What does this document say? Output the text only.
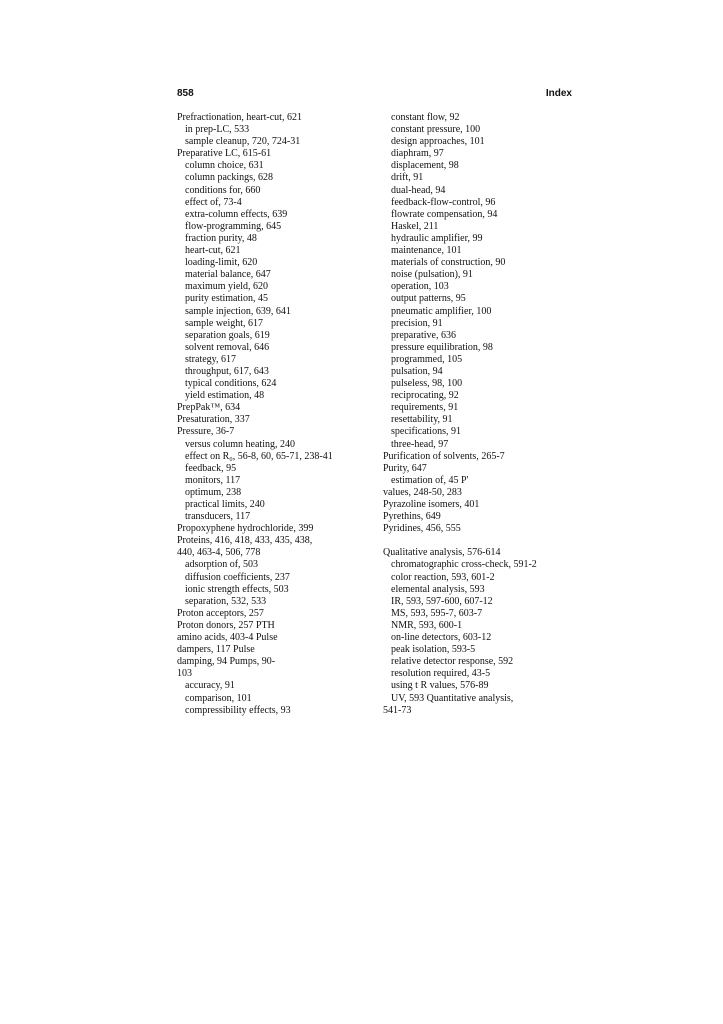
858	Index
Prefractionation, heart-cut, 621
in prep-LC, 533
sample cleanup, 720, 724-31
Preparative LC, 615-61
column choice, 631
column packings, 628
conditions for, 660
effect of, 73-4
extra-column effects, 639
flow-programming, 645
fraction purity, 48
heart-cut, 621
loading-limit, 620
material balance, 647
maximum yield, 620
purity estimation, 45
sample injection, 639, 641
sample weight, 617
separation goals, 619
solvent removal, 646
strategy, 617
throughput, 617, 643
typical conditions, 624
yield estimation, 48
PrepPak™, 634
Presaturation, 337
Pressure, 36-7
versus column heating, 240
effect on R₀, 56-8, 60, 65-71, 238-41
feedback, 95
monitors, 117
optimum, 238
practical limits, 240
transducers, 117
Propoxyphene hydrochloride, 399
Proteins, 416, 418, 433, 435, 438,
440, 463-4, 506, 778
adsorption of, 503
diffusion coefficients, 237
ionic strength effects, 503
separation, 532, 533
Proton acceptors, 257
Proton donors, 257 PTH
amino acids, 403-4 Pulse
dampers, 117 Pulse
damping, 94 Pumps, 90-
103
accuracy, 91
comparison, 101
compressibility effects, 93
constant flow, 92
constant pressure, 100
design approaches, 101
diaphram, 97
displacement, 98
drift, 91
dual-head, 94
feedback-flow-control, 96
flowrate compensation, 94
Haskel, 211
hydraulic amplifier, 99
maintenance, 101
materials of construction, 90
noise (pulsation), 91
operation, 103
output patterns, 95
pneumatic amplifier, 100
precision, 91
preparative, 636
pressure equilibration, 98
programmed, 105
pulsation, 94
pulseless, 98, 100
reciprocating, 92
requirements, 91
resettability, 91
specifications, 91
three-head, 97
Purification of solvents, 265-7
Purity, 647
estimation of, 45 P'
values, 248-50, 283
Pyrazoline isomers, 401
Pyrethins, 649
Pyridines, 456, 555
Qualitative analysis, 576-614
chromatographic cross-check, 591-2
color reaction, 593, 601-2
elemental analysis, 593
IR, 593, 597-600, 607-12
MS, 593, 595-7, 603-7
NMR, 593, 600-1
on-line detectors, 603-12
peak isolation, 593-5
relative detector response, 592
resolution required, 43-5
using t R values, 576-89
UV, 593 Quantitative analysis,
541-73
